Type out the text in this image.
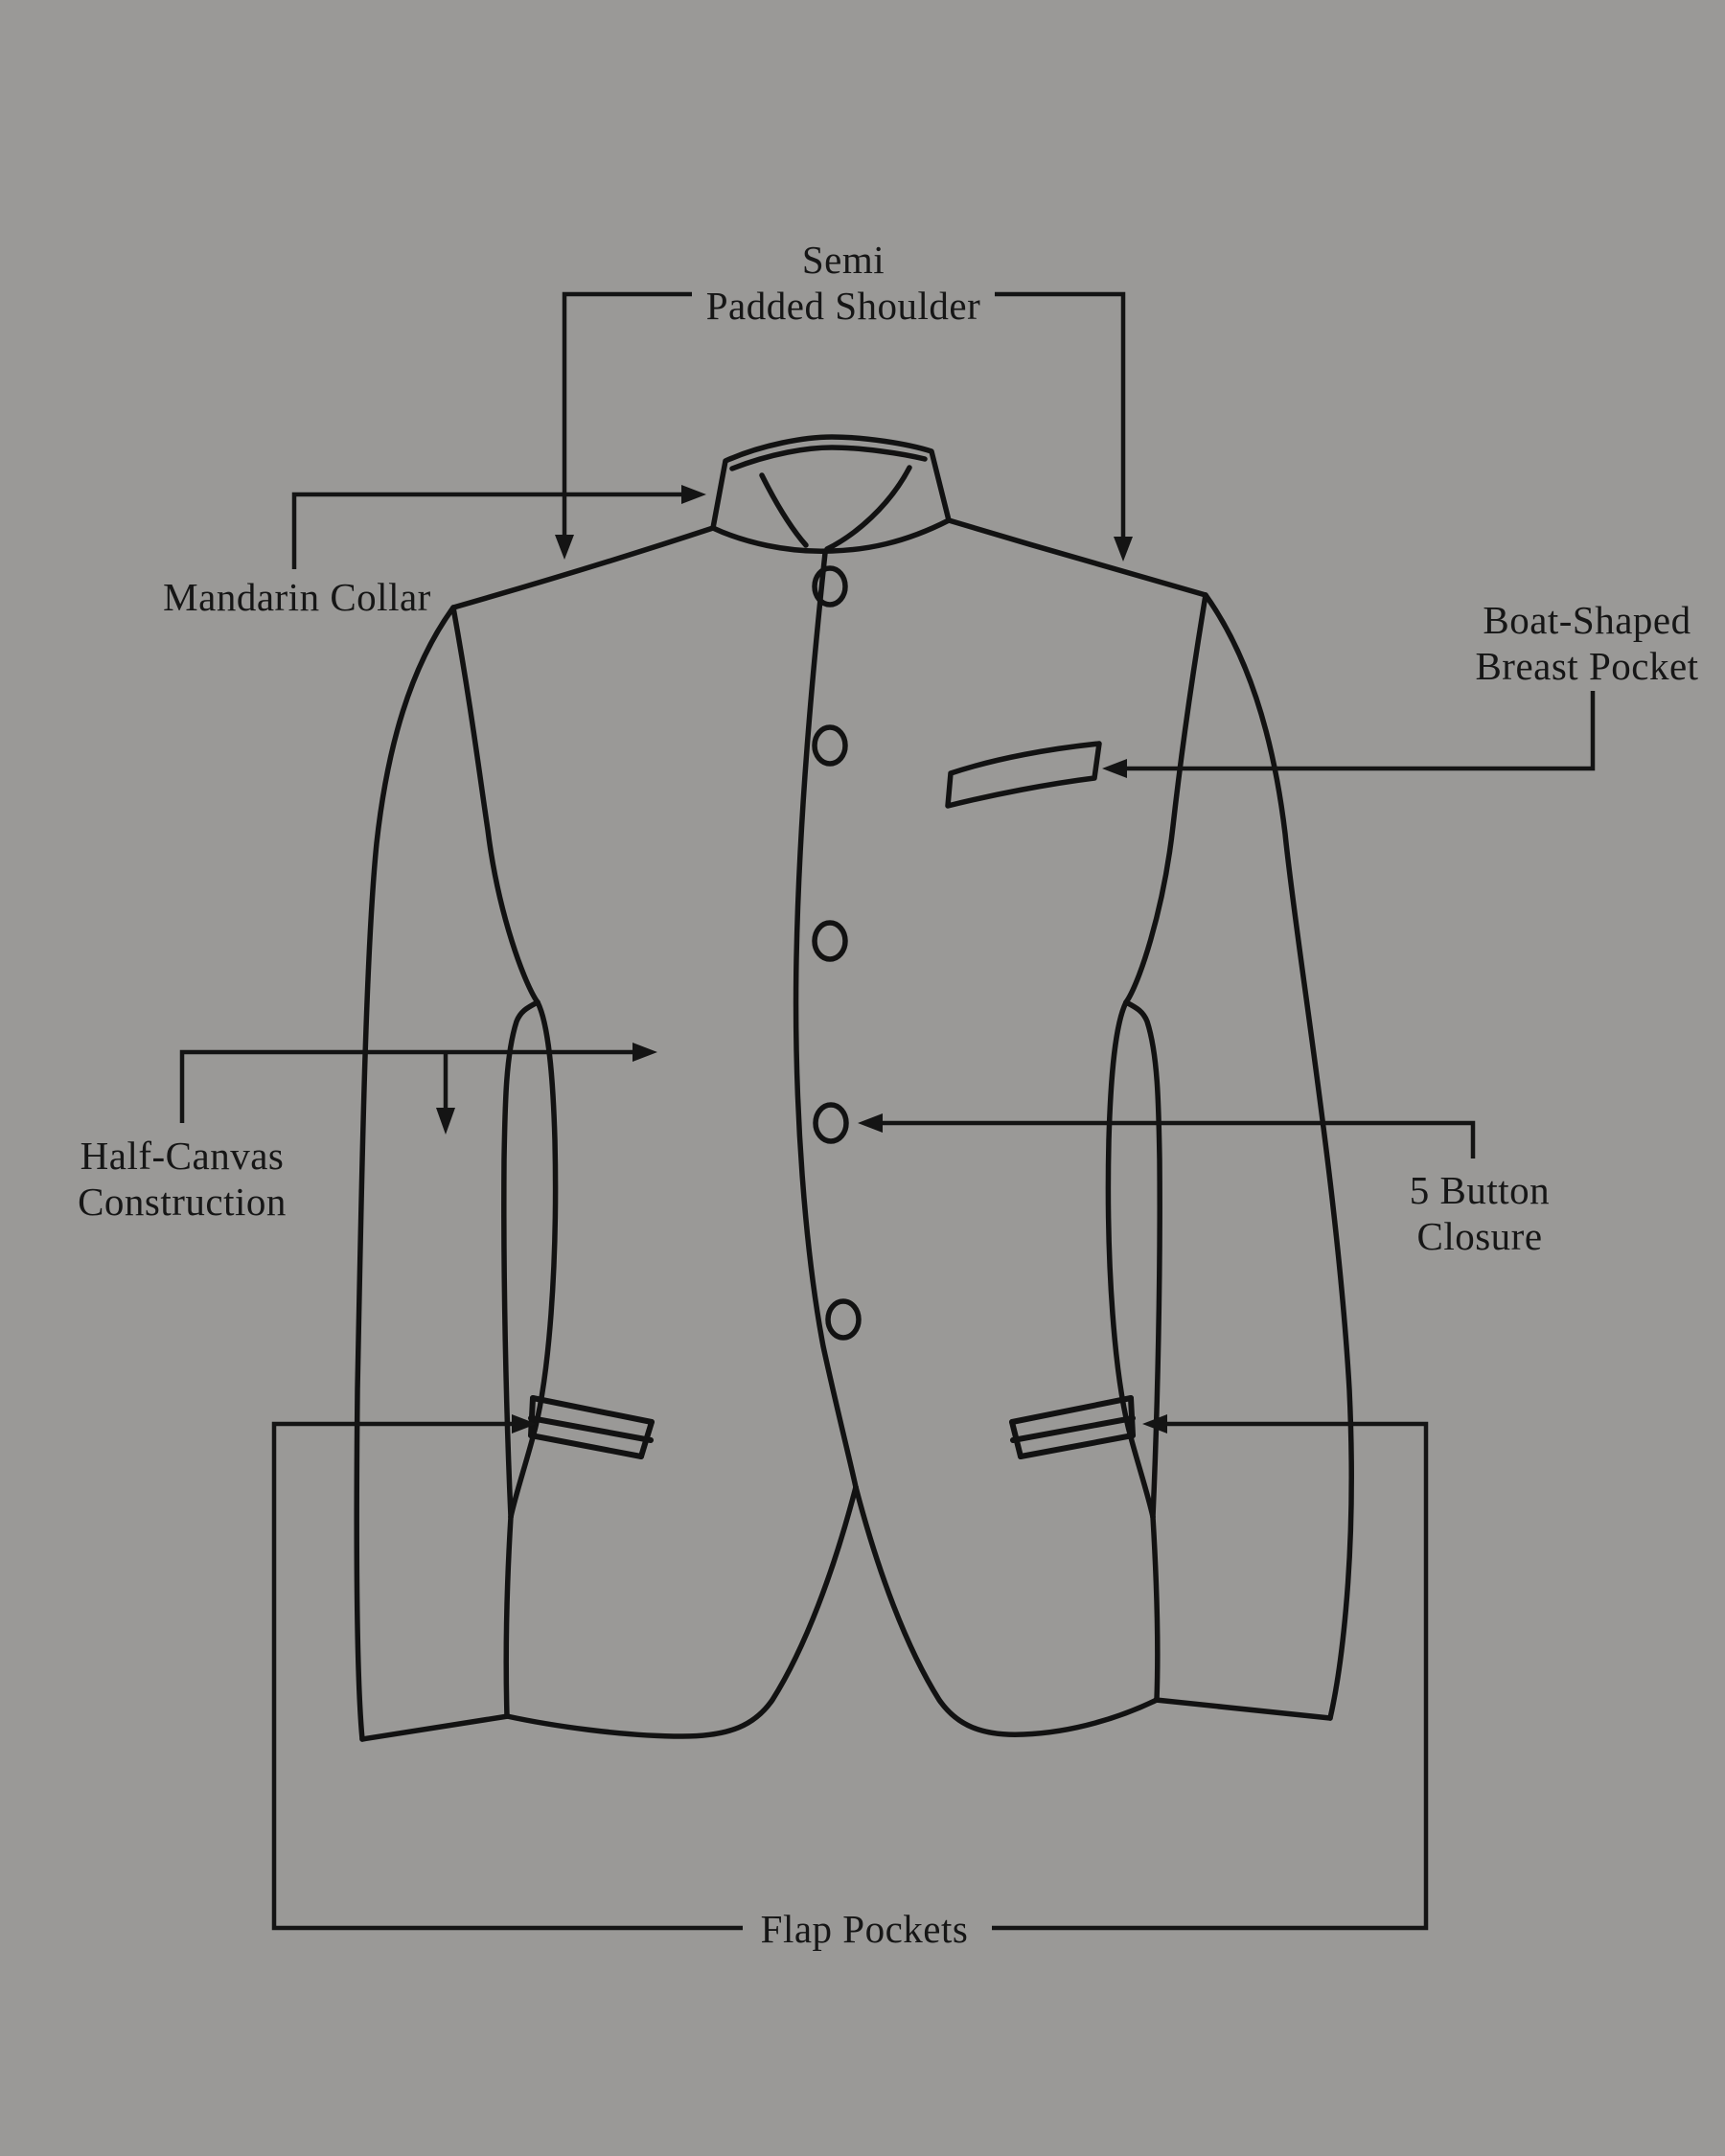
Semi
Padded Shoulder
Mandarin Collar
Boat-Shaped
Breast Pocket
Half-Canvas
Construction	5 Button
Closure
Flap Pockets
